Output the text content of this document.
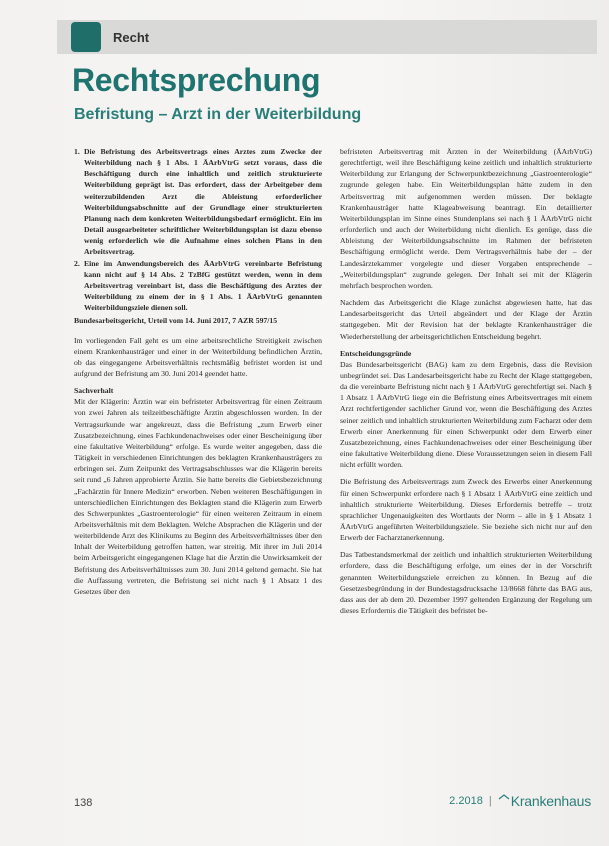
Recht
Rechtsprechung
Befristung – Arzt in der Weiterbildung
1. Die Befristung des Arbeitsvertrags eines Arztes zum Zwecke der Weiterbildung nach § 1 Abs. 1 ÄArbVtrG setzt voraus, dass die Beschäftigung durch eine inhaltlich und zeitlich strukturierte Weiterbildung geprägt ist. Das erfordert, dass der Arbeitgeber dem weiterzubildenden Arzt die Ableistung erforderlicher Weiterbildungsabschnitte auf der Grundlage einer strukturierten Planung nach dem konkreten Weiterbildungsbedarf ermöglicht. Ein im Detail ausgearbeiteter schriftlicher Weiterbildungsplan ist dazu ebenso wenig erforderlich wie die Aufnahme eines solchen Plans in den Arbeitsvertrag.
2. Eine im Anwendungsbereich des ÄArbVtrG vereinbarte Befristung kann nicht auf § 14 Abs. 2 TzBfG gestützt werden, wenn in dem Arbeitsvertrag vereinbart ist, dass die Beschäftigung des Arztes der Weiterbildung zu einem der in § 1 Abs. 1 ÄArbVtrG genannten Weiterbildungsziele dienen soll.

Bundesarbeitsgericht, Urteil vom 14. Juni 2017, 7 AZR 597/15

Im vorliegenden Fall geht es um eine arbeitsrechtliche Streitigkeit zwischen einem Krankenhausträger und einer in der Weiterbildung befindlichen Ärztin, ob das eingegangene Arbeitsverhältnis rechtsmäßig befristet worden ist und aufgrund der Befristung am 30. Juni 2014 geendet hatte.

Sachverhalt

Mit der Klägerin: Ärztin war ein befristeter Arbeitsvertrag für einen Zeitraum von zwei Jahren als teilzeitbeschäftigte Ärztin abgeschlossen worden. In der Vertragsurkunde war angekreuzt, dass die Befristung „zum Erwerb einer Zusatzbezeichnung, eines Fachkundenachweises oder einer Bescheinigung über eine fakultative Weiterbildung“ erfolge. Es wurde weiter angegeben, dass die Tätigkeit in verschiedenen Einrichtungen des beklagten Krankenhausträgers zu erbringen sei. Zum Zeitpunkt des Vertragsabschlusses war die Klägerin bereits seit rund „6 Jahren approbierte Ärztin. Sie hatte bereits die Gebietsbezeichnung „Fachärztin für Innere Medizin“ erworben. Neben weiteren Beschäftigungen in unterschiedlichen Einrichtungen des Beklagten stand die Klägerin zum Erwerb des Schwerpunktes „Gastroenterologie“ für einen weiteren Zeitraum in einem Arbeitsverhältnis mit dem Beklagten. Welche Absprachen die Klägerin und der weiterbildende Arzt des Klinikums zu Beginn des Arbeitsverhältnisses über den Inhalt der Weiterbildung getroffen hatten, war streitig. Mit ihrer im Juli 2014 beim Arbeitsgericht eingegangenen Klage hat die Ärztin die Unwirksamkeit der Befristung des Arbeitsverhältnisses zum 30. Juni 2014 geltend gemacht. Sie hat die Auffassung vertreten, die Befristung sei nicht nach § 1 Absatz 1 des Gesetzes über den

befristeten Arbeitsvertrag mit Ärzten in der Weiterbildung (ÄArbVtrG) gerechtfertigt, weil ihre Beschäftigung keine zeitlich und inhaltlich strukturierte Weiterbildung zur Erlangung der Schwerpunktbezeichnung „Gastroenterologie“ zugrunde gelegen habe. Ein Weiterbildungsplan hätte zudem in den Arbeitsvertrag mit aufgenommen werden müssen. Der beklagte Krankenhausträger hatte Klageabweisung beantragt. Ein detaillierter Weiterbildungsplan im Sinne eines Stundenplans sei nach § 1 ÄArbVtrG nicht erforderlich und auch der Weiterbildung nicht dienlich. Es genüge, dass die Ableistung der Weiterbildungsabschnitte im Rahmen der befristeten Beschäftigung ermöglicht werde. Dem Vertragsverhältnis habe der – der Landesärztekammer vorgelegte und dieser Vorgaben entsprechende – „Weiterbildungsplan“ zugrunde gelegen. Der Inhalt sei mit der Klägerin mehrfach besprochen worden.

Nachdem das Arbeitsgericht die Klage zunächst abgewiesen hatte, hat das Landesarbeitsgericht das Urteil abgeändert und der Klage der Ärztin stattgegeben. Mit der Revision hat der beklagte Krankenhausträger die Wiederherstellung der arbeitsgerichtlichen Entscheidung begehrt.

Entscheidungsgründe

Das Bundesarbeitsgericht (BAG) kam zu dem Ergebnis, dass die Revision unbegründet sei. Das Landesarbeitsgericht habe zu Recht der Klage stattgegeben, da die vereinbarte Befristung nicht nach § 1 ÄArbVtrG gerechtfertigt sei. Nach § 1 Absatz 1 ÄArbVtrG liege ein die Befristung eines Arbeitsvertrages mit einem Arzt rechtfertigender sachlicher Grund vor, wenn die Beschäftigung des Arztes seiner zeitlich und inhaltlich strukturierten Weiterbildung zum Facharzt oder dem Erwerb einer Anerkennung für einen Schwerpunkt oder dem Erwerb einer Zusatzbezeichnung, eines Fachkundenachweises oder einer Bescheinigung über eine fakultative Weiterbildung diene. Diese Voraussetzungen seien in diesem Fall nicht erfüllt worden.

Die Befristung des Arbeitsvertrags zum Zweck des Erwerbs einer Anerkennung für einen Schwerpunkt erfordere nach § 1 Absatz 1 ÄArbVtrG eine zeitlich und inhaltlich strukturierte Weiterbildung. Dieses Erfordernis betreffe – trotz sprachlicher Ungenauigkeiten des Wortlauts der Norm – alle in § 1 Absatz 1 ÄArbVtrG angeführten Weiterbildungsziele. Sie beziehe sich nicht nur auf den Erwerb der Facharztanerkennung.

Das Tatbestandsmerkmal der zeitlich und inhaltlich strukturierten Weiterbildung erfordere, dass die Beschäftigung erfolge, um eines der in der Vorschrift genannten Weiterbildungsziele erreichen zu können. In Bezug auf die Gesetzesbegründung in der Bundestagsdrucksache 13/8668 führte das BAG aus, dass aus der ab dem 20. Dezember 1997 geltenden Ergänzung der Regelung um dieses Erfordernis die Tätigkeit des befristet be-

138	2.2018 | Krankenhaus
